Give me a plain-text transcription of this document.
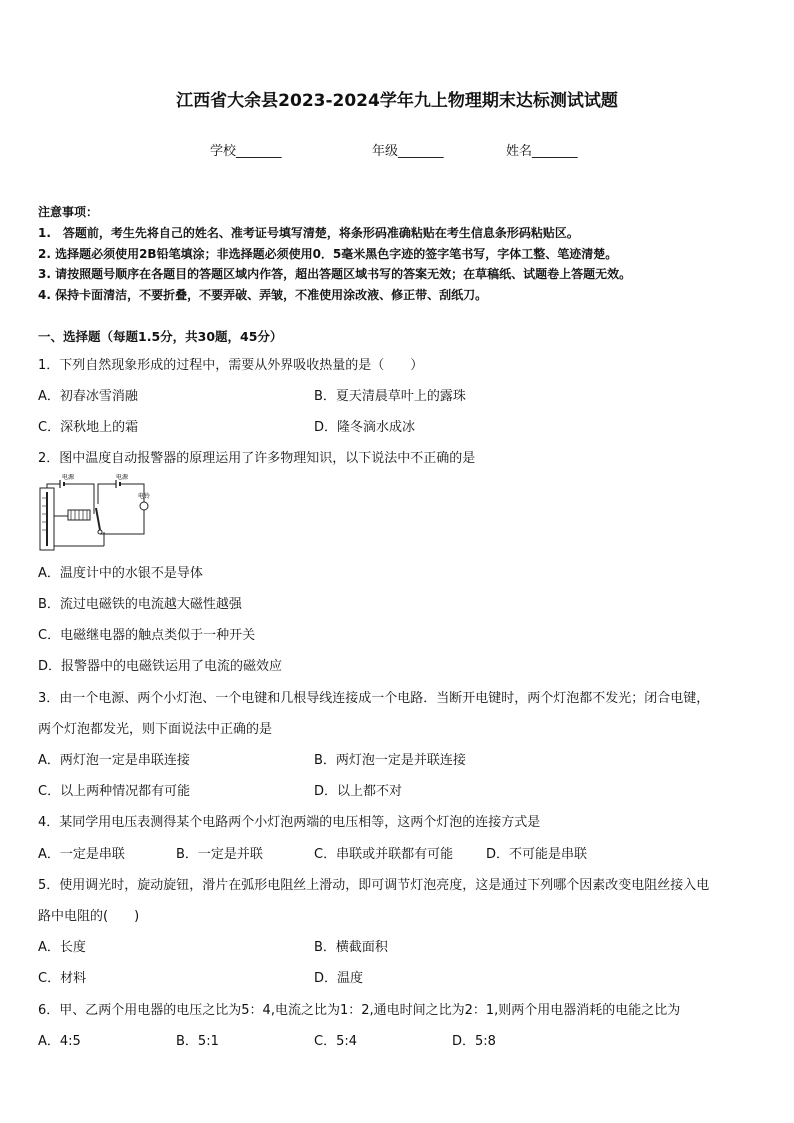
江西省大余县2023-2024学年九上物理期末达标测试试题
学校_______	年级_______	姓名_______
注意事项：
1.　答题前，考生先将自己的姓名、准考证号填写清楚，将条形码准确粘贴在考生信息条形码粘贴区。
2. 选择题必须使用2B铅笔填涂；非选择题必须使用0．5毫米黑色字迹的签字笔书写，字体工整、笔迹清楚。
3. 请按照题号顺序在各题目的答题区域内作答，超出答题区域书写的答案无效；在草稿纸、试题卷上答题无效。
4. 保持卡面清洁，不要折叠，不要弄破、弄皱，不准使用涂改液、修正带、刮纸刀。
一、选择题（每题1.5分，共30题，45分）
1．下列自然现象形成的过程中，需要从外界吸收热量的是（　　）
A．初春冰雪消融	B．夏天清晨草叶上的露珠
C．深秋地上的霜	D．隆冬滴水成冰
2．图中温度自动报警器的原理运用了许多物理知识，以下说法中不正确的是
电源	电源
电铃
A．温度计中的水银不是导体
B．流过电磁铁的电流越大磁性越强
C．电磁继电器的触点类似于一种开关
D．报警器中的电磁铁运用了电流的磁效应
3．由一个电源、两个小灯泡、一个电键和几根导线连接成一个电路．当断开电键时，两个灯泡都不发光；闭合电键，
两个灯泡都发光，则下面说法中正确的是
A．两灯泡一定是串联连接	B．两灯泡一定是并联连接
C．以上两种情况都有可能	D．以上都不对
4．某同学用电压表测得某个电路两个小灯泡两端的电压相等，这两个灯泡的连接方式是
A．一定是串联	B．一定是并联	C．串联或并联都有可能	D．不可能是串联
5．使用调光时，旋动旋钮，滑片在弧形电阻丝上滑动，即可调节灯泡亮度，这是通过下列哪个因素改变电阻丝接入电
路中电阻的(　　)
A．长度	B．横截面积
C．材料	D．温度
6．甲、乙两个用电器的电压之比为5：4,电流之比为1：2,通电时间之比为2：1,则两个用电器消耗的电能之比为
A．4:5	B．5:1	C．5:4	D．5:8
